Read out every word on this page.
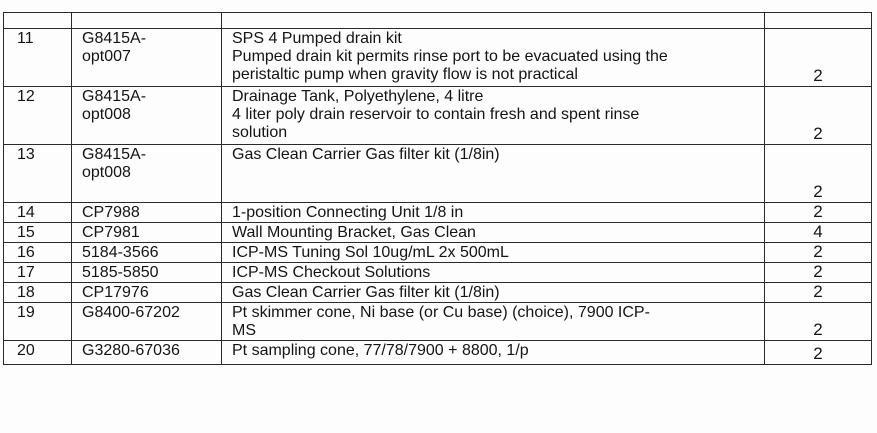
11	G8415A-
opt007	SPS 4 Pumped drain kit
Pumped drain kit permits rinse port to be evacuated using the
peristaltic pump when gravity flow is not practical	2
12	G8415A-
opt008	Drainage Tank, Polyethylene, 4 litre
4 liter poly drain reservoir to contain fresh and spent rinse
solution	2
13	G8415A-
opt008	Gas Clean Carrier Gas filter kit (1/8in)	2
14	CP7988	1-position Connecting Unit 1/8 in	2
15	CP7981	Wall Mounting Bracket, Gas Clean	4
16	5184-3566	ICP-MS Tuning Sol 10ug/mL 2x 500mL	2
17	5185-5850	ICP-MS Checkout Solutions	2
18	CP17976	Gas Clean Carrier Gas filter kit (1/8in)	2
19	G8400-67202	Pt skimmer cone, Ni base (or Cu base) (choice), 7900 ICP-
MS	2
20	G3280-67036	Pt sampling cone, 77/78/7900 + 8800, 1/p	2
